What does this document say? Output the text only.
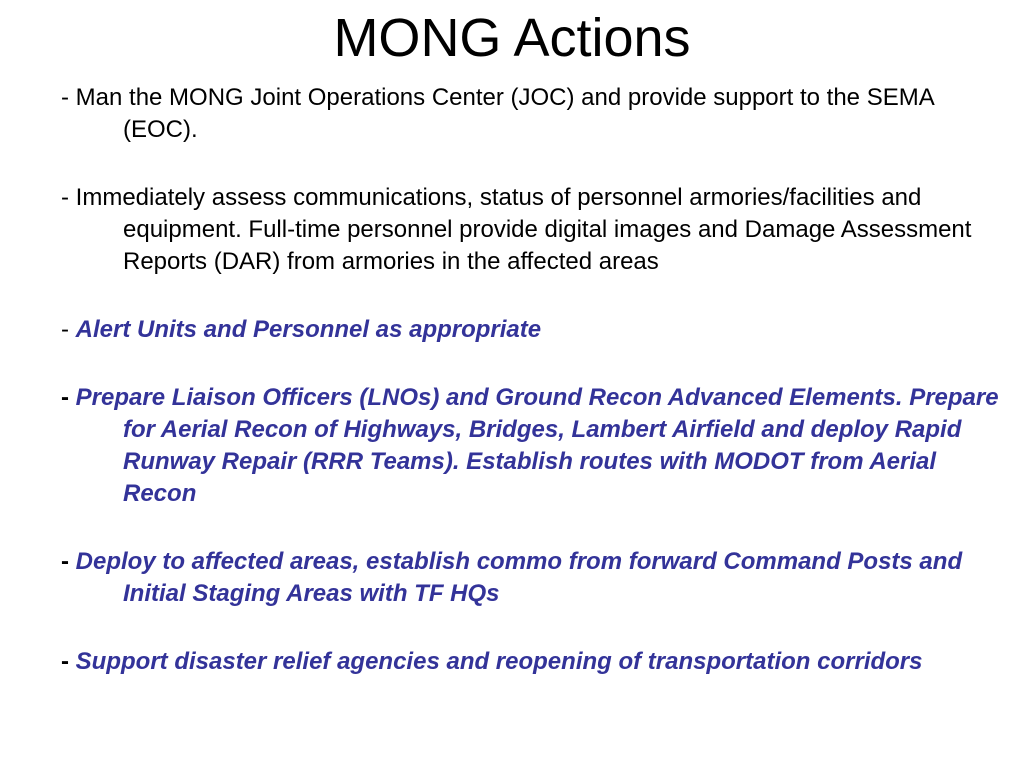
MONG Actions

- Man the MONG Joint Operations Center (JOC) and provide support to the SEMA (EOC).

- Immediately assess communications, status of personnel armories/facilities and equipment. Full-time personnel provide digital images and Damage Assessment Reports (DAR) from armories in the affected areas

- Alert Units and Personnel as appropriate

- Prepare Liaison Officers (LNOs) and Ground Recon Advanced Elements. Prepare for Aerial Recon of Highways, Bridges, Lambert Airfield and deploy Rapid Runway Repair (RRR Teams). Establish routes with MODOT from Aerial Recon

- Deploy to affected areas, establish commo from forward Command Posts and Initial Staging Areas with TF HQs

- Support disaster relief agencies and reopening of transportation corridors
